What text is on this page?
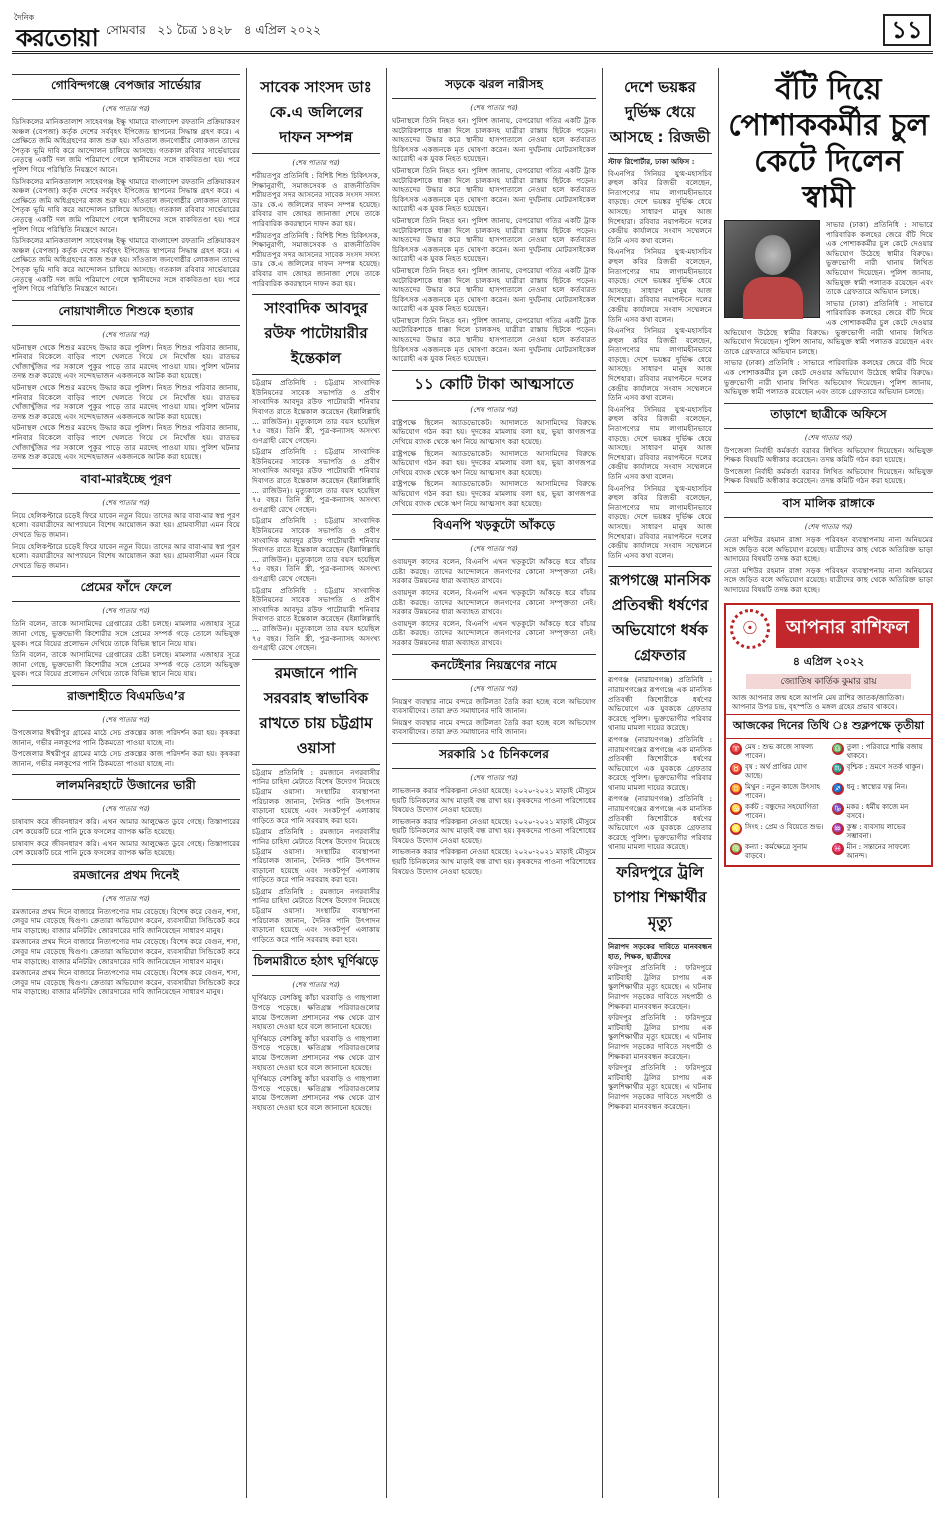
দৈনিক
করতোয়া সোমবার ২১ চৈত্র ১৪২৮ ৪ এপ্রিল ২০২২	১১
গোবিন্দগঞ্জে বেপজার সার্ভেয়ার
(শেষ পাতার পর)

ডিসিকলের মানিকতালাশ সাহেবগঞ্জ ইক্ষু খামারে বাংলাদেশ রফতানি প্রক্রিয়াকরণ অঞ্চল (বেপজা) কর্তৃক দেশের সর্ববৃহৎ ইপিজেড স্থাপনের সিদ্ধান্ত গ্রহণ করে। এ প্রেক্ষিতে জমি অধিগ্রহণের কাজ শুরু হয়। সাঁওতাল জনগোষ্ঠীর লোকজন তাদের পৈতৃক ভূমি দাবি করে আন্দোলন চালিয়ে আসছে। গতকাল রবিবার সার্ভেয়ারের নেতৃত্বে একটি দল জমি পরিমাপে গেলে স্থানীয়দের সঙ্গে বাকবিতণ্ডা হয়। পরে পুলিশ গিয়ে পরিস্থিতি নিয়ন্ত্রণে আনে।

ডিসিকলের মানিকতালাশ সাহেবগঞ্জ ইক্ষু খামারে বাংলাদেশ রফতানি প্রক্রিয়াকরণ অঞ্চল (বেপজা) কর্তৃক দেশের সর্ববৃহৎ ইপিজেড স্থাপনের সিদ্ধান্ত গ্রহণ করে। এ প্রেক্ষিতে জমি অধিগ্রহণের কাজ শুরু হয়। সাঁওতাল জনগোষ্ঠীর লোকজন তাদের পৈতৃক ভূমি দাবি করে আন্দোলন চালিয়ে আসছে। গতকাল রবিবার সার্ভেয়ারের নেতৃত্বে একটি দল জমি পরিমাপে গেলে স্থানীয়দের সঙ্গে বাকবিতণ্ডা হয়। পরে পুলিশ গিয়ে পরিস্থিতি নিয়ন্ত্রণে আনে।

ডিসিকলের মানিকতালাশ সাহেবগঞ্জ ইক্ষু খামারে বাংলাদেশ রফতানি প্রক্রিয়াকরণ অঞ্চল (বেপজা) কর্তৃক দেশের সর্ববৃহৎ ইপিজেড স্থাপনের সিদ্ধান্ত গ্রহণ করে। এ প্রেক্ষিতে জমি অধিগ্রহণের কাজ শুরু হয়। সাঁওতাল জনগোষ্ঠীর লোকজন তাদের পৈতৃক ভূমি দাবি করে আন্দোলন চালিয়ে আসছে। গতকাল রবিবার সার্ভেয়ারের নেতৃত্বে একটি দল জমি পরিমাপে গেলে স্থানীয়দের সঙ্গে বাকবিতণ্ডা হয়। পরে পুলিশ গিয়ে পরিস্থিতি নিয়ন্ত্রণে আনে।

নোয়াখালীতে শিশুকে হত্যার
(শেষ পাতার পর)

ঘটনাস্থল থেকে শিশুর মরদেহ উদ্ধার করে পুলিশ। নিহত শিশুর পরিবার জানায়, শনিবার বিকেলে বাড়ির পাশে খেলতে গিয়ে সে নিখোঁজ হয়। রাতভর খোঁজাখুঁজির পর সকালে পুকুর পাড়ে তার মরদেহ পাওয়া যায়। পুলিশ ঘটনার তদন্ত শুরু করেছে এবং সন্দেহভাজন একজনকে আটক করা হয়েছে।

ঘটনাস্থল থেকে শিশুর মরদেহ উদ্ধার করে পুলিশ। নিহত শিশুর পরিবার জানায়, শনিবার বিকেলে বাড়ির পাশে খেলতে গিয়ে সে নিখোঁজ হয়। রাতভর খোঁজাখুঁজির পর সকালে পুকুর পাড়ে তার মরদেহ পাওয়া যায়। পুলিশ ঘটনার তদন্ত শুরু করেছে এবং সন্দেহভাজন একজনকে আটক করা হয়েছে।

ঘটনাস্থল থেকে শিশুর মরদেহ উদ্ধার করে পুলিশ। নিহত শিশুর পরিবার জানায়, শনিবার বিকেলে বাড়ির পাশে খেলতে গিয়ে সে নিখোঁজ হয়। রাতভর খোঁজাখুঁজির পর সকালে পুকুর পাড়ে তার মরদেহ পাওয়া যায়। পুলিশ ঘটনার তদন্ত শুরু করেছে এবং সন্দেহভাজন একজনকে আটক করা হয়েছে।

বাবা-মারইচ্ছে পূরণ
(শেষ পাতার পর)

নিয়ে হেলিকপ্টারে চড়েই ফিরে যাবেন নতুন বিয়ে। তাদের আর বাবা-মার স্বপ্ন পূরণ হলো। বরযাত্রীদের আপ্যায়নে বিশেষ আয়োজন করা হয়। গ্রামবাসীরা এমন বিয়ে দেখতে ভিড় জমান।

নিয়ে হেলিকপ্টারে চড়েই ফিরে যাবেন নতুন বিয়ে। তাদের আর বাবা-মার স্বপ্ন পূরণ হলো। বরযাত্রীদের আপ্যায়নে বিশেষ আয়োজন করা হয়। গ্রামবাসীরা এমন বিয়ে দেখতে ভিড় জমান।

প্রেমের ফাঁদে ফেলে
(শেষ পাতার পর)

তিনি বলেন, তাকে আসামিদের গ্রেপ্তারের চেষ্টা চলছে। মামলার এজাহার সূত্রে জানা গেছে, ভুক্তভোগী কিশোরীর সঙ্গে প্রেমের সম্পর্ক গড়ে তোলে অভিযুক্ত যুবক। পরে বিয়ের প্রলোভন দেখিয়ে তাকে বিভিন্ন স্থানে নিয়ে যায়।

তিনি বলেন, তাকে আসামিদের গ্রেপ্তারের চেষ্টা চলছে। মামলার এজাহার সূত্রে জানা গেছে, ভুক্তভোগী কিশোরীর সঙ্গে প্রেমের সম্পর্ক গড়ে তোলে অভিযুক্ত যুবক। পরে বিয়ের প্রলোভন দেখিয়ে তাকে বিভিন্ন স্থানে নিয়ে যায়।

রাজশাহীতে বিএমডিএ’র
(শেষ পাতার পর)

উপজেলার ঈশ্বরীপুর গ্রামের মাঠে সেচ প্রকল্পের কাজ পরিদর্শন করা হয়। কৃষকরা জানান, গভীর নলকূপের পানি ঠিকমতো পাওয়া যাচ্ছে না।

উপজেলার ঈশ্বরীপুর গ্রামের মাঠে সেচ প্রকল্পের কাজ পরিদর্শন করা হয়। কৃষকরা জানান, গভীর নলকূপের পানি ঠিকমতো পাওয়া যাচ্ছে না।

লালমনিরহাটে উজানের ভারী
(শেষ পাতার পর)

চাষাবাদ করে জীবনধারণ করি। এখন আমার আলুক্ষেত ডুবে গেছে। তিস্তাপারের বেশ কয়েকটি চরে পানি ঢুকে ফসলের ব্যাপক ক্ষতি হয়েছে।

চাষাবাদ করে জীবনধারণ করি। এখন আমার আলুক্ষেত ডুবে গেছে। তিস্তাপারের বেশ কয়েকটি চরে পানি ঢুকে ফসলের ব্যাপক ক্ষতি হয়েছে।

রমজানের প্রথম দিনেই
(শেষ পাতার পর)

রমজানের প্রথম দিনে বাজারে নিত্যপণ্যের দাম বেড়েছে। বিশেষ করে বেগুন, শসা, লেবুর দাম বেড়েছে দ্বিগুণ। ক্রেতারা অভিযোগ করেন, ব্যবসায়ীরা সিন্ডিকেট করে দাম বাড়াচ্ছে। বাজার মনিটরিং জোরদারের দাবি জানিয়েছেন সাধারণ মানুষ।

রমজানের প্রথম দিনে বাজারে নিত্যপণ্যের দাম বেড়েছে। বিশেষ করে বেগুন, শসা, লেবুর দাম বেড়েছে দ্বিগুণ। ক্রেতারা অভিযোগ করেন, ব্যবসায়ীরা সিন্ডিকেট করে দাম বাড়াচ্ছে। বাজার মনিটরিং জোরদারের দাবি জানিয়েছেন সাধারণ মানুষ।

রমজানের প্রথম দিনে বাজারে নিত্যপণ্যের দাম বেড়েছে। বিশেষ করে বেগুন, শসা, লেবুর দাম বেড়েছে দ্বিগুণ। ক্রেতারা অভিযোগ করেন, ব্যবসায়ীরা সিন্ডিকেট করে দাম বাড়াচ্ছে। বাজার মনিটরিং জোরদারের দাবি জানিয়েছেন সাধারণ মানুষ।

সাবেক সাংসদ ডাঃ কে.এ জলিলের দাফন সম্পন্ন
(শেষ পাতার পর)

শরীয়তপুর প্রতিনিধি : বিশিষ্ট শিশু চিকিৎসক, শিক্ষানুরাগী, সমাজসেবক ও রাজনীতিবিদ শরীয়তপুর সদর আসনের সাবেক সংসদ সদস্য ডাঃ কে.এ জলিলের দাফন সম্পন্ন হয়েছে। রবিবার বাদ জোহর জানাজা শেষে তাকে পারিবারিক কবরস্থানে দাফন করা হয়।

শরীয়তপুর প্রতিনিধি : বিশিষ্ট শিশু চিকিৎসক, শিক্ষানুরাগী, সমাজসেবক ও রাজনীতিবিদ শরীয়তপুর সদর আসনের সাবেক সংসদ সদস্য ডাঃ কে.এ জলিলের দাফন সম্পন্ন হয়েছে। রবিবার বাদ জোহর জানাজা শেষে তাকে পারিবারিক কবরস্থানে দাফন করা হয়।

সাংবাদিক আবদুর রউফ পাটোয়ারীর ইন্তেকাল

চট্টগ্রাম প্রতিনিধি : চট্টগ্রাম সাংবাদিক ইউনিয়নের সাবেক সভাপতি ও প্রবীণ সাংবাদিক আবদুর রউফ পাটোয়ারী শনিবার দিবাগত রাতে ইন্তেকাল করেছেন (ইন্নালিল্লাহি ... রাজিউন)। মৃত্যুকালে তার বয়স হয়েছিল ৭৫ বছর। তিনি স্ত্রী, পুত্র-কন্যাসহ অসংখ্য গুণগ্রাহী রেখে গেছেন।

চট্টগ্রাম প্রতিনিধি : চট্টগ্রাম সাংবাদিক ইউনিয়নের সাবেক সভাপতি ও প্রবীণ সাংবাদিক আবদুর রউফ পাটোয়ারী শনিবার দিবাগত রাতে ইন্তেকাল করেছেন (ইন্নালিল্লাহি ... রাজিউন)। মৃত্যুকালে তার বয়স হয়েছিল ৭৫ বছর। তিনি স্ত্রী, পুত্র-কন্যাসহ অসংখ্য গুণগ্রাহী রেখে গেছেন।

চট্টগ্রাম প্রতিনিধি : চট্টগ্রাম সাংবাদিক ইউনিয়নের সাবেক সভাপতি ও প্রবীণ সাংবাদিক আবদুর রউফ পাটোয়ারী শনিবার দিবাগত রাতে ইন্তেকাল করেছেন (ইন্নালিল্লাহি ... রাজিউন)। মৃত্যুকালে তার বয়স হয়েছিল ৭৫ বছর। তিনি স্ত্রী, পুত্র-কন্যাসহ অসংখ্য গুণগ্রাহী রেখে গেছেন।

চট্টগ্রাম প্রতিনিধি : চট্টগ্রাম সাংবাদিক ইউনিয়নের সাবেক সভাপতি ও প্রবীণ সাংবাদিক আবদুর রউফ পাটোয়ারী শনিবার দিবাগত রাতে ইন্তেকাল করেছেন (ইন্নালিল্লাহি ... রাজিউন)। মৃত্যুকালে তার বয়স হয়েছিল ৭৫ বছর। তিনি স্ত্রী, পুত্র-কন্যাসহ অসংখ্য গুণগ্রাহী রেখে গেছেন।

রমজানে পানি সরবরাহ স্বাভাবিক রাখতে চায় চট্টগ্রাম ওয়াসা

চট্টগ্রাম প্রতিনিধি : রমজানে নগরবাসীর পানির চাহিদা মেটাতে বিশেষ উদ্যোগ নিয়েছে চট্টগ্রাম ওয়াসা। সংস্থাটির ব্যবস্থাপনা পরিচালক জানান, দৈনিক পানি উৎপাদন বাড়ানো হয়েছে এবং সংকটপূর্ণ এলাকায় গাড়িতে করে পানি সরবরাহ করা হবে।

চট্টগ্রাম প্রতিনিধি : রমজানে নগরবাসীর পানির চাহিদা মেটাতে বিশেষ উদ্যোগ নিয়েছে চট্টগ্রাম ওয়াসা। সংস্থাটির ব্যবস্থাপনা পরিচালক জানান, দৈনিক পানি উৎপাদন বাড়ানো হয়েছে এবং সংকটপূর্ণ এলাকায় গাড়িতে করে পানি সরবরাহ করা হবে।

চট্টগ্রাম প্রতিনিধি : রমজানে নগরবাসীর পানির চাহিদা মেটাতে বিশেষ উদ্যোগ নিয়েছে চট্টগ্রাম ওয়াসা। সংস্থাটির ব্যবস্থাপনা পরিচালক জানান, দৈনিক পানি উৎপাদন বাড়ানো হয়েছে এবং সংকটপূর্ণ এলাকায় গাড়িতে করে পানি সরবরাহ করা হবে।

চিলমারীতে হঠাৎ ঘূর্ণিঝড়ে
(শেষ পাতার পর)

ঘূর্ণিঝড়ে বেশকিছু কাঁচা ঘরবাড়ি ও গাছপালা উপড়ে পড়েছে। ক্ষতিগ্রস্ত পরিবারগুলোর মাঝে উপজেলা প্রশাসনের পক্ষ থেকে ত্রাণ সহায়তা দেওয়া হবে বলে জানানো হয়েছে।

ঘূর্ণিঝড়ে বেশকিছু কাঁচা ঘরবাড়ি ও গাছপালা উপড়ে পড়েছে। ক্ষতিগ্রস্ত পরিবারগুলোর মাঝে উপজেলা প্রশাসনের পক্ষ থেকে ত্রাণ সহায়তা দেওয়া হবে বলে জানানো হয়েছে।

ঘূর্ণিঝড়ে বেশকিছু কাঁচা ঘরবাড়ি ও গাছপালা উপড়ে পড়েছে। ক্ষতিগ্রস্ত পরিবারগুলোর মাঝে উপজেলা প্রশাসনের পক্ষ থেকে ত্রাণ সহায়তা দেওয়া হবে বলে জানানো হয়েছে।

সড়কে ঝরল নারীসহ
(শেষ পাতার পর)

ঘটনাস্থলে তিনি নিহত হন। পুলিশ জানায়, বেপরোয়া গতির একটি ট্রাক অটোরিকশাকে ধাক্কা দিলে চালকসহ যাত্রীরা রাস্তায় ছিটকে পড়েন। আহতদের উদ্ধার করে স্থানীয় হাসপাতালে নেওয়া হলে কর্তব্যরত চিকিৎসক একজনকে মৃত ঘোষণা করেন। অন্য দুর্ঘটনায় মোটরসাইকেল আরোহী এক যুবক নিহত হয়েছেন।

ঘটনাস্থলে তিনি নিহত হন। পুলিশ জানায়, বেপরোয়া গতির একটি ট্রাক অটোরিকশাকে ধাক্কা দিলে চালকসহ যাত্রীরা রাস্তায় ছিটকে পড়েন। আহতদের উদ্ধার করে স্থানীয় হাসপাতালে নেওয়া হলে কর্তব্যরত চিকিৎসক একজনকে মৃত ঘোষণা করেন। অন্য দুর্ঘটনায় মোটরসাইকেল আরোহী এক যুবক নিহত হয়েছেন।

ঘটনাস্থলে তিনি নিহত হন। পুলিশ জানায়, বেপরোয়া গতির একটি ট্রাক অটোরিকশাকে ধাক্কা দিলে চালকসহ যাত্রীরা রাস্তায় ছিটকে পড়েন। আহতদের উদ্ধার করে স্থানীয় হাসপাতালে নেওয়া হলে কর্তব্যরত চিকিৎসক একজনকে মৃত ঘোষণা করেন। অন্য দুর্ঘটনায় মোটরসাইকেল আরোহী এক যুবক নিহত হয়েছেন।

ঘটনাস্থলে তিনি নিহত হন। পুলিশ জানায়, বেপরোয়া গতির একটি ট্রাক অটোরিকশাকে ধাক্কা দিলে চালকসহ যাত্রীরা রাস্তায় ছিটকে পড়েন। আহতদের উদ্ধার করে স্থানীয় হাসপাতালে নেওয়া হলে কর্তব্যরত চিকিৎসক একজনকে মৃত ঘোষণা করেন। অন্য দুর্ঘটনায় মোটরসাইকেল আরোহী এক যুবক নিহত হয়েছেন।

ঘটনাস্থলে তিনি নিহত হন। পুলিশ জানায়, বেপরোয়া গতির একটি ট্রাক অটোরিকশাকে ধাক্কা দিলে চালকসহ যাত্রীরা রাস্তায় ছিটকে পড়েন। আহতদের উদ্ধার করে স্থানীয় হাসপাতালে নেওয়া হলে কর্তব্যরত চিকিৎসক একজনকে মৃত ঘোষণা করেন। অন্য দুর্ঘটনায় মোটরসাইকেল আরোহী এক যুবক নিহত হয়েছেন।

১১ কোটি টাকা আত্মসাতে
(শেষ পাতার পর)

রাষ্ট্রপক্ষে ছিলেন অ্যাডভোকেট। আদালতে আসামিদের বিরুদ্ধে অভিযোগ গঠন করা হয়। দুদকের মামলায় বলা হয়, ভুয়া কাগজপত্র দেখিয়ে ব্যাংক থেকে ঋণ নিয়ে আত্মসাৎ করা হয়েছে।

রাষ্ট্রপক্ষে ছিলেন অ্যাডভোকেট। আদালতে আসামিদের বিরুদ্ধে অভিযোগ গঠন করা হয়। দুদকের মামলায় বলা হয়, ভুয়া কাগজপত্র দেখিয়ে ব্যাংক থেকে ঋণ নিয়ে আত্মসাৎ করা হয়েছে।

রাষ্ট্রপক্ষে ছিলেন অ্যাডভোকেট। আদালতে আসামিদের বিরুদ্ধে অভিযোগ গঠন করা হয়। দুদকের মামলায় বলা হয়, ভুয়া কাগজপত্র দেখিয়ে ব্যাংক থেকে ঋণ নিয়ে আত্মসাৎ করা হয়েছে।

বিএনপি খড়কুটো আঁকড়ে
(শেষ পাতার পর)

ওবায়দুল কাদের বলেন, বিএনপি এখন খড়কুটো আঁকড়ে ধরে বাঁচার চেষ্টা করছে। তাদের আন্দোলনে জনগণের কোনো সম্পৃক্ততা নেই। সরকার উন্নয়নের ধারা অব্যাহত রাখবে।

ওবায়দুল কাদের বলেন, বিএনপি এখন খড়কুটো আঁকড়ে ধরে বাঁচার চেষ্টা করছে। তাদের আন্দোলনে জনগণের কোনো সম্পৃক্ততা নেই। সরকার উন্নয়নের ধারা অব্যাহত রাখবে।

ওবায়দুল কাদের বলেন, বিএনপি এখন খড়কুটো আঁকড়ে ধরে বাঁচার চেষ্টা করছে। তাদের আন্দোলনে জনগণের কোনো সম্পৃক্ততা নেই। সরকার উন্নয়নের ধারা অব্যাহত রাখবে।

কনটেইনার নিয়ন্ত্রণের নামে
(শেষ পাতার পর)

নিয়ন্ত্রণ ব্যবস্থার নামে বন্দরে জটিলতা তৈরি করা হচ্ছে বলে অভিযোগ ব্যবসায়ীদের। তারা দ্রুত সমাধানের দাবি জানান।

নিয়ন্ত্রণ ব্যবস্থার নামে বন্দরে জটিলতা তৈরি করা হচ্ছে বলে অভিযোগ ব্যবসায়ীদের। তারা দ্রুত সমাধানের দাবি জানান।

সরকারি ১৫ চিনিকলের
(শেষ পাতার পর)

লাভজনক করার পরিকল্পনা নেওয়া হয়েছে। ২০২০-২০২১ মাড়াই মৌসুমে ছয়টি চিনিকলের আখ মাড়াই বন্ধ রাখা হয়। কৃষকদের পাওনা পরিশোধের বিষয়েও উদ্যোগ নেওয়া হয়েছে।

লাভজনক করার পরিকল্পনা নেওয়া হয়েছে। ২০২০-২০২১ মাড়াই মৌসুমে ছয়টি চিনিকলের আখ মাড়াই বন্ধ রাখা হয়। কৃষকদের পাওনা পরিশোধের বিষয়েও উদ্যোগ নেওয়া হয়েছে।

লাভজনক করার পরিকল্পনা নেওয়া হয়েছে। ২০২০-২০২১ মাড়াই মৌসুমে ছয়টি চিনিকলের আখ মাড়াই বন্ধ রাখা হয়। কৃষকদের পাওনা পরিশোধের বিষয়েও উদ্যোগ নেওয়া হয়েছে।

দেশে ভয়ঙ্কর দুর্ভিক্ষ ধেয়ে আসছে : রিজভী

স্টাফ রিপোর্টার, ঢাকা অফিস :

বিএনপির সিনিয়র যুগ্ম-মহাসচিব রুহুল কবির রিজভী বলেছেন, নিত্যপণ্যের দাম লাগামহীনভাবে বাড়ছে। দেশে ভয়ঙ্কর দুর্ভিক্ষ ধেয়ে আসছে। সাধারণ মানুষ আজ দিশেহারা। রবিবার নয়াপল্টনে দলের কেন্দ্রীয় কার্যালয়ে সংবাদ সম্মেলনে তিনি এসব কথা বলেন।

বিএনপির সিনিয়র যুগ্ম-মহাসচিব রুহুল কবির রিজভী বলেছেন, নিত্যপণ্যের দাম লাগামহীনভাবে বাড়ছে। দেশে ভয়ঙ্কর দুর্ভিক্ষ ধেয়ে আসছে। সাধারণ মানুষ আজ দিশেহারা। রবিবার নয়াপল্টনে দলের কেন্দ্রীয় কার্যালয়ে সংবাদ সম্মেলনে তিনি এসব কথা বলেন।

বিএনপির সিনিয়র যুগ্ম-মহাসচিব রুহুল কবির রিজভী বলেছেন, নিত্যপণ্যের দাম লাগামহীনভাবে বাড়ছে। দেশে ভয়ঙ্কর দুর্ভিক্ষ ধেয়ে আসছে। সাধারণ মানুষ আজ দিশেহারা। রবিবার নয়াপল্টনে দলের কেন্দ্রীয় কার্যালয়ে সংবাদ সম্মেলনে তিনি এসব কথা বলেন।

বিএনপির সিনিয়র যুগ্ম-মহাসচিব রুহুল কবির রিজভী বলেছেন, নিত্যপণ্যের দাম লাগামহীনভাবে বাড়ছে। দেশে ভয়ঙ্কর দুর্ভিক্ষ ধেয়ে আসছে। সাধারণ মানুষ আজ দিশেহারা। রবিবার নয়াপল্টনে দলের কেন্দ্রীয় কার্যালয়ে সংবাদ সম্মেলনে তিনি এসব কথা বলেন।

বিএনপির সিনিয়র যুগ্ম-মহাসচিব রুহুল কবির রিজভী বলেছেন, নিত্যপণ্যের দাম লাগামহীনভাবে বাড়ছে। দেশে ভয়ঙ্কর দুর্ভিক্ষ ধেয়ে আসছে। সাধারণ মানুষ আজ দিশেহারা। রবিবার নয়াপল্টনে দলের কেন্দ্রীয় কার্যালয়ে সংবাদ সম্মেলনে তিনি এসব কথা বলেন।

রূপগঞ্জে মানসিক প্রতিবন্ধী ধর্ষণের অভিযোগে ধর্ষক গ্রেফতার

রূপগঞ্জ (নারায়ণগঞ্জ) প্রতিনিধি : নারায়ণগঞ্জের রূপগঞ্জে এক মানসিক প্রতিবন্ধী কিশোরীকে ধর্ষণের অভিযোগে এক যুবককে গ্রেফতার করেছে পুলিশ। ভুক্তভোগীর পরিবার থানায় মামলা দায়ের করেছে।

রূপগঞ্জ (নারায়ণগঞ্জ) প্রতিনিধি : নারায়ণগঞ্জের রূপগঞ্জে এক মানসিক প্রতিবন্ধী কিশোরীকে ধর্ষণের অভিযোগে এক যুবককে গ্রেফতার করেছে পুলিশ। ভুক্তভোগীর পরিবার থানায় মামলা দায়ের করেছে।

রূপগঞ্জ (নারায়ণগঞ্জ) প্রতিনিধি : নারায়ণগঞ্জের রূপগঞ্জে এক মানসিক প্রতিবন্ধী কিশোরীকে ধর্ষণের অভিযোগে এক যুবককে গ্রেফতার করেছে পুলিশ। ভুক্তভোগীর পরিবার থানায় মামলা দায়ের করেছে।

ফরিদপুরে ট্রলি চাপায় শিক্ষার্থীর মৃত্যু

নিরাপদ সড়কের দাবিতে মানববন্ধন হাত, শিক্ষক, ছাত্রীদের

ফরিদপুর প্রতিনিধি : ফরিদপুরে মাটিবাহী ট্রলির চাপায় এক স্কুলশিক্ষার্থীর মৃত্যু হয়েছে। এ ঘটনায় নিরাপদ সড়কের দাবিতে সহপাঠী ও শিক্ষকরা মানববন্ধন করেছেন।

ফরিদপুর প্রতিনিধি : ফরিদপুরে মাটিবাহী ট্রলির চাপায় এক স্কুলশিক্ষার্থীর মৃত্যু হয়েছে। এ ঘটনায় নিরাপদ সড়কের দাবিতে সহপাঠী ও শিক্ষকরা মানববন্ধন করেছেন।

ফরিদপুর প্রতিনিধি : ফরিদপুরে মাটিবাহী ট্রলির চাপায় এক স্কুলশিক্ষার্থীর মৃত্যু হয়েছে। এ ঘটনায় নিরাপদ সড়কের দাবিতে সহপাঠী ও শিক্ষকরা মানববন্ধন করেছেন।

বঁটি দিয়ে পোশাককর্মীর চুল কেটে দিলেন স্বামী

সাভার (ঢাকা) প্রতিনিধি : সাভারে পারিবারিক কলহের জেরে বঁটি দিয়ে এক পোশাককর্মীর চুল কেটে দেওয়ার অভিযোগ উঠেছে স্বামীর বিরুদ্ধে। ভুক্তভোগী নারী থানায় লিখিত অভিযোগ দিয়েছেন। পুলিশ জানায়, অভিযুক্ত স্বামী পলাতক রয়েছেন এবং তাকে গ্রেফতারে অভিযান চলছে।

সাভার (ঢাকা) প্রতিনিধি : সাভারে পারিবারিক কলহের জেরে বঁটি দিয়ে এক পোশাককর্মীর চুল কেটে দেওয়ার অভিযোগ উঠেছে স্বামীর বিরুদ্ধে। ভুক্তভোগী নারী থানায় লিখিত অভিযোগ দিয়েছেন। পুলিশ জানায়, অভিযুক্ত স্বামী পলাতক রয়েছেন এবং তাকে গ্রেফতারে অভিযান চলছে।

সাভার (ঢাকা) প্রতিনিধি : সাভারে পারিবারিক কলহের জেরে বঁটি দিয়ে এক পোশাককর্মীর চুল কেটে দেওয়ার অভিযোগ উঠেছে স্বামীর বিরুদ্ধে। ভুক্তভোগী নারী থানায় লিখিত অভিযোগ দিয়েছেন। পুলিশ জানায়, অভিযুক্ত স্বামী পলাতক রয়েছেন এবং তাকে গ্রেফতারে অভিযান চলছে।

তাড়াশে ছাত্রীকে অফিসে
(শেষ পাতার পর)

উপজেলা নির্বাহী কর্মকর্তা বরাবর লিখিত অভিযোগ দিয়েছেন। অভিযুক্ত শিক্ষক বিষয়টি অস্বীকার করেছেন। তদন্ত কমিটি গঠন করা হয়েছে।

উপজেলা নির্বাহী কর্মকর্তা বরাবর লিখিত অভিযোগ দিয়েছেন। অভিযুক্ত শিক্ষক বিষয়টি অস্বীকার করেছেন। তদন্ত কমিটি গঠন করা হয়েছে।

বাস মালিক রাঙ্গাকে
(শেষ পাতার পর)

নেতা মশিউর রহমান রাঙ্গা সড়ক পরিবহন ব্যবস্থাপনায় নানা অনিয়মের সঙ্গে জড়িত বলে অভিযোগ রয়েছে। যাত্রীদের কাছ থেকে অতিরিক্ত ভাড়া আদায়ের বিষয়টি তদন্ত করা হচ্ছে।

নেতা মশিউর রহমান রাঙ্গা সড়ক পরিবহন ব্যবস্থাপনায় নানা অনিয়মের সঙ্গে জড়িত বলে অভিযোগ রয়েছে। যাত্রীদের কাছ থেকে অতিরিক্ত ভাড়া আদায়ের বিষয়টি তদন্ত করা হচ্ছে।

☉	আপনার রাশিফল
৪ এপ্রিল ২০২২
জ্যোতিষ কার্তিক কুমার রায়
আজ আপনার জন্ম হলে আপনি মেষ রাশির জাতক/জাতিকা। আপনার উপর চন্দ্র, বৃহস্পতি ও মঙ্গল গ্রহের প্রভাব থাকবে।
আজকের দিনের তিথি ঃ শুক্লপক্ষে তৃতীয়া
♈ মেষ : শুভ কাজে সাফল্য পাবেন।
♎ তুলা : পরিবারে শান্তি বজায় থাকবে।
♉ বৃষ : অর্থ প্রাপ্তির যোগ আছে।
♏ বৃশ্চিক : ভ্রমণে সতর্ক থাকুন।
♊ মিথুন : নতুন কাজে উৎসাহ পাবেন।
♐ ধনু : স্বাস্থ্যের যত্ন নিন।
♋ কর্কট : বন্ধুদের সহযোগিতা পাবেন।
♑ মকর : ধর্মীয় কাজে মন বসবে।
♌ সিংহ : প্রেম ও বিয়েতে শুভ। ♒ কুম্ভ : ব্যবসায় লাভের সম্ভাবনা।
♍ কন্যা : কর্মক্ষেত্রে সুনাম বাড়বে।
♓ মীন : সন্তানের সাফল্যে আনন্দ।
